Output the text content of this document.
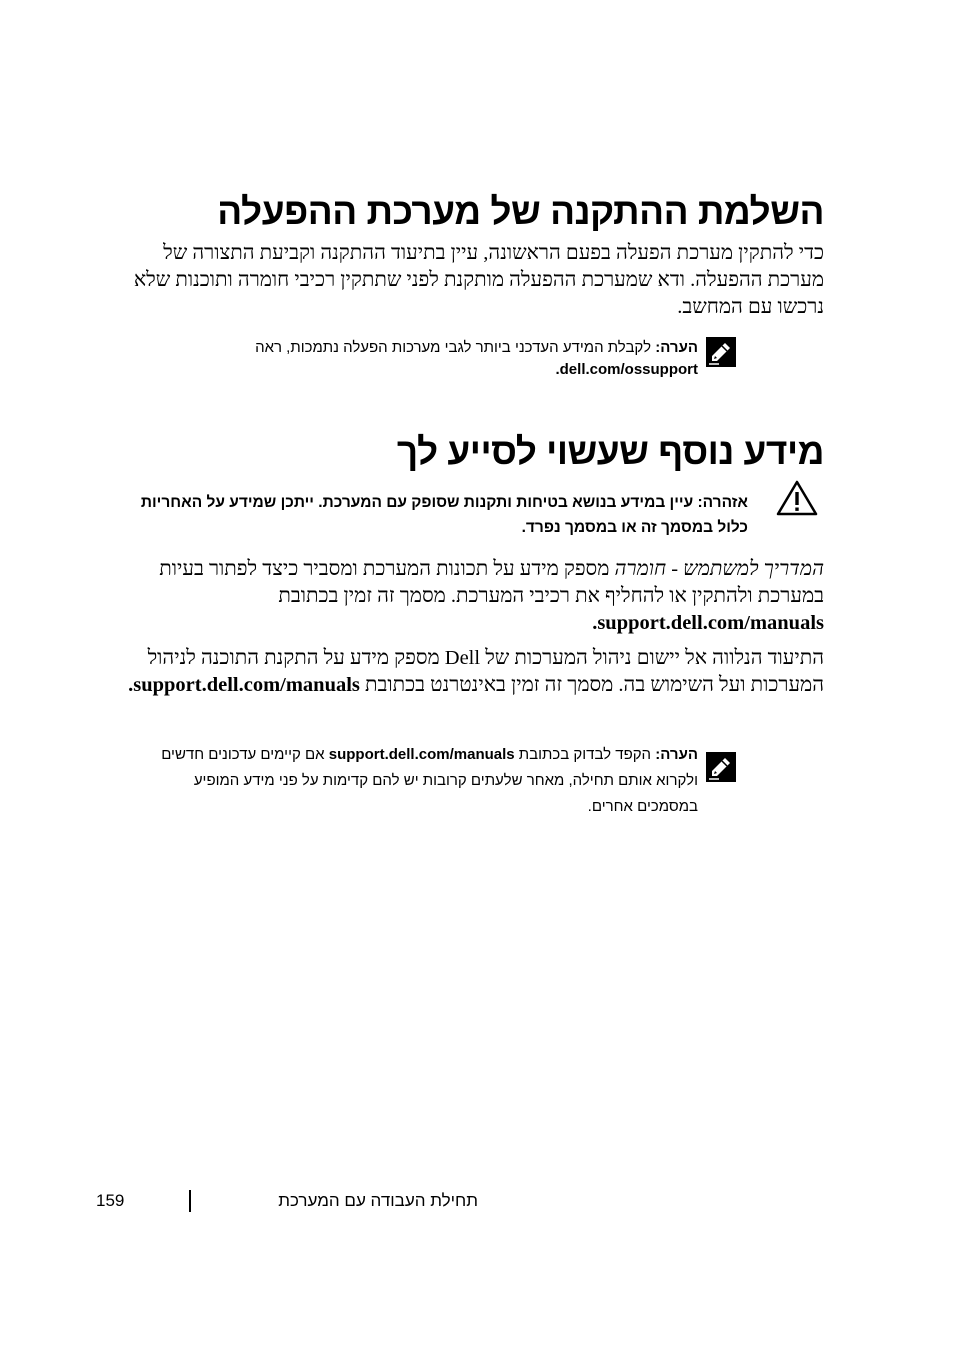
השלמת ההתקנה של מערכת ההפעלה
כדי להתקין מערכת הפעלה בפעם הראשונה, עיין בתיעוד ההתקנה וקביעת התצורה של מערכת ההפעלה. ודא שמערכת ההפעלה מותקנת לפני שתתקין רכיבי חומרה ותוכנות שלא נרכשו עם המחשב.
הערה: לקבלת המידע העדכני ביותר לגבי מערכות הפעלה נתמכות, ראה dell.com/ossupport.
מידע נוסף שעשוי לסייע לך
אזהרה: עיין במידע בנושא בטיחות ותקנות שסופק עם המערכת. ייתכן שמידע על האחריות כלול במסמך זה או במסמך נפרד.
המדריך למשתמש - חומרה מספק מידע על תכונות המערכת ומסביר כיצד לפתור בעיות במערכת ולהתקין או להחליף את רכיבי המערכת. מסמך זה זמין בכתובת support.dell.com/manuals.
התיעוד הנלווה אל יישום ניהול המערכות של Dell מספק מידע על התקנת התוכנה לניהול המערכות ועל השימוש בה. מסמך זה זמין באינטרנט בכתובת support.dell.com/manuals.
הערה: הקפד לבדוק בכתובת support.dell.com/manuals אם קיימים עדכונים חדשים ולקרוא אותם תחילה, מאחר שלעתים קרובות יש להם קדימות על פני מידע המופיע במסמכים אחרים.
159	תחילת העבודה עם המערכת
